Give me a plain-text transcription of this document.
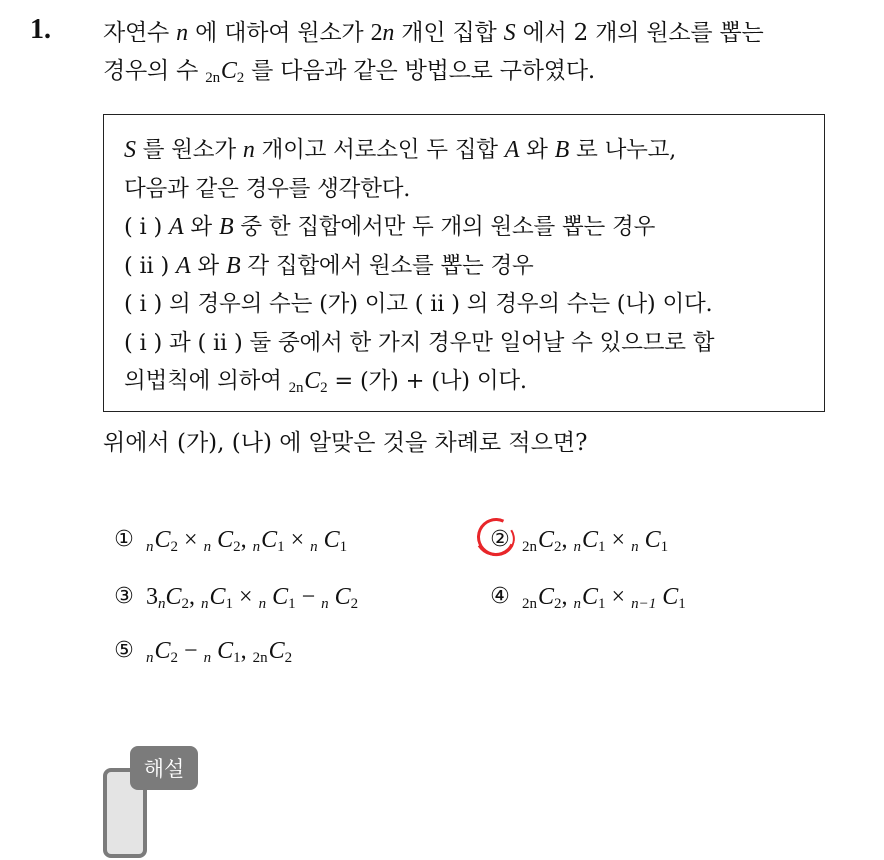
1. 자연수 n 에 대하여 원소가 2n 개인 집합 S 에서 2 개의 원소를 뽑는
경우의 수 $_{2n}C_2$ 를 다음과 같은 방법으로 구하였다.
S 를 원소가 n 개이고 서로소인 두 집합 A 와 B 로 나누고,
다음과 같은 경우를 생각한다.
( i ) A 와 B 중 한 집합에서만 두 개의 원소를 뽑는 경우
( ii ) A 와 B 각 집합에서 원소를 뽑는 경우
( i ) 의 경우의 수는 (가) 이고 ( ii ) 의 경우의 수는 (나) 이다.
( i ) 과 ( ii ) 둘 중에서 한 가지 경우만 일어날 수 있으므로 합
의법칙에 의하여 $_{2n}C_2$ = (가) + (나) 이다.
위에서 (가), (나) 에 알맞은 것을 차례로 적으면?
① $_nC_2 \times _n$ $C_2$, $_nC_1 \times _n$ $C_1$	② $_{2n}C_2$, $_nC_1 \times _n$ $C_1$
③ $3_nC_2$, $_nC_1 \times _n$ $C_1 - _n$ $C_2$	④ $_{2n}C_2$, $_nC_1 \times _{n-1}$ $C_1$
⑤ $_nC_2 - _n$ $C_1$, $_{2n}C_2$
해설
